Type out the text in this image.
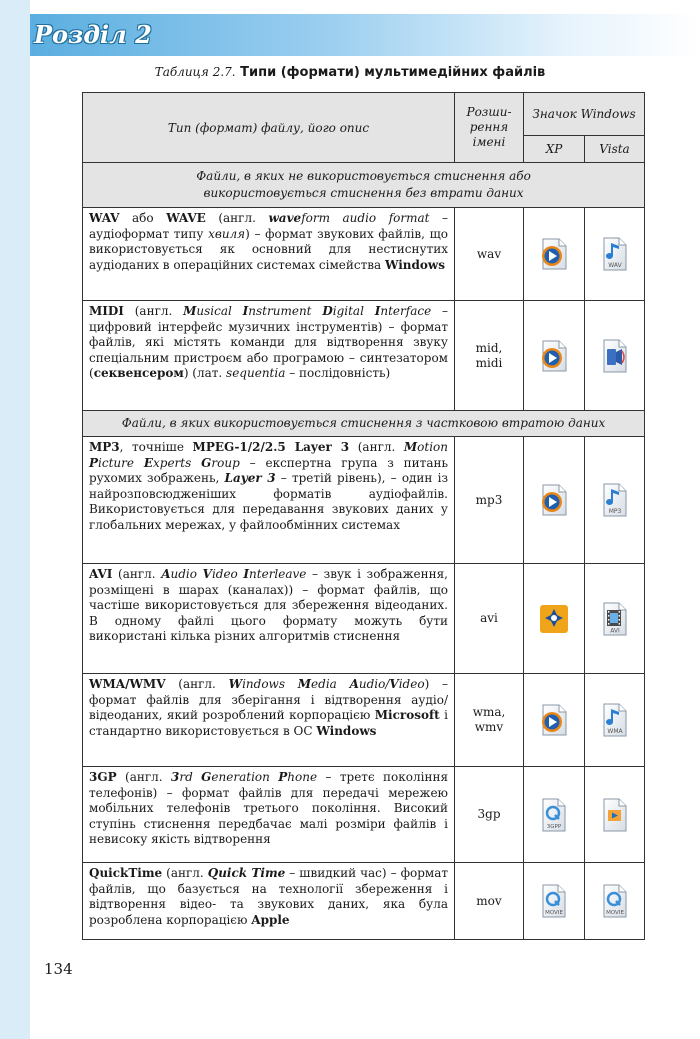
Розділ 2
Таблиця 2.7. Типи (формати) мультимедійних файлів
Тип (формат) файлу, його опис	Розши-рення імені	Значок Windows	
		XP	Vista
Файли, в яких не використовується стиснення або використовується стиснення без втрати даних			
WAV або WAVE (англ. waveform audio format – аудіоформат типу хвиля) – формат звукових файлів, що використовується як основний для нестиснутих аудіоданих в операційних системах сімейства Windows	wav		WAV

MIDI (англ. Musical Instrument Digital Interface – цифровий інтерфейс музичних інструментів) – формат файлів, які містять команди для відтворення звуку спеціальним пристроєм або програмою – синтезатором (секвенсером) (лат. sequentia – послідовність)	mid, midi	

Файли, в яких використовується стиснення з частковою втратою даних			
MP3, точніше MPEG-1/2/2.5 Layer 3 (англ. Motion Picture Experts Group – експертна група з питань рухомих зображень, Layer 3 – третій рівень), – один із найрозповсюдженіших форматів аудіофайлів. Використовується для передавання звукових даних у глобальних мережах, у файлообмінних системах	mp3		MP3

AVI (англ. Audio Video Interleave – звук і зображення, розміщені в шарах (каналах)) – формат файлів, що частіше використовується для збереження відеоданих. В одному файлі цього формату можуть бути використані кілька різних алгоритмів стиснення	avi		AVI

WMA/WMV (англ. Windows Media Audio/Video) – формат файлів для зберігання і відтворення аудіо/відеоданих, який розроблений корпорацією Microsoft і стандартно використовується в ОС Windows	wma, wmv		WMA

3GP (англ. 3rd Generation Phone – третє покоління телефонів) – формат файлів для передачі мережею мобільних телефонів третього покоління. Високий ступінь стиснення передбачає малі розміри файлів і невисоку якість відтворення	3gp	3GPP

QuickTime (англ. Quick Time – швидкий час) – формат файлів, що базується на технології збереження і відтворення відео- та звукових даних, яка була розроблена корпорацією Apple	mov	MOVIE	MOVIE
134
